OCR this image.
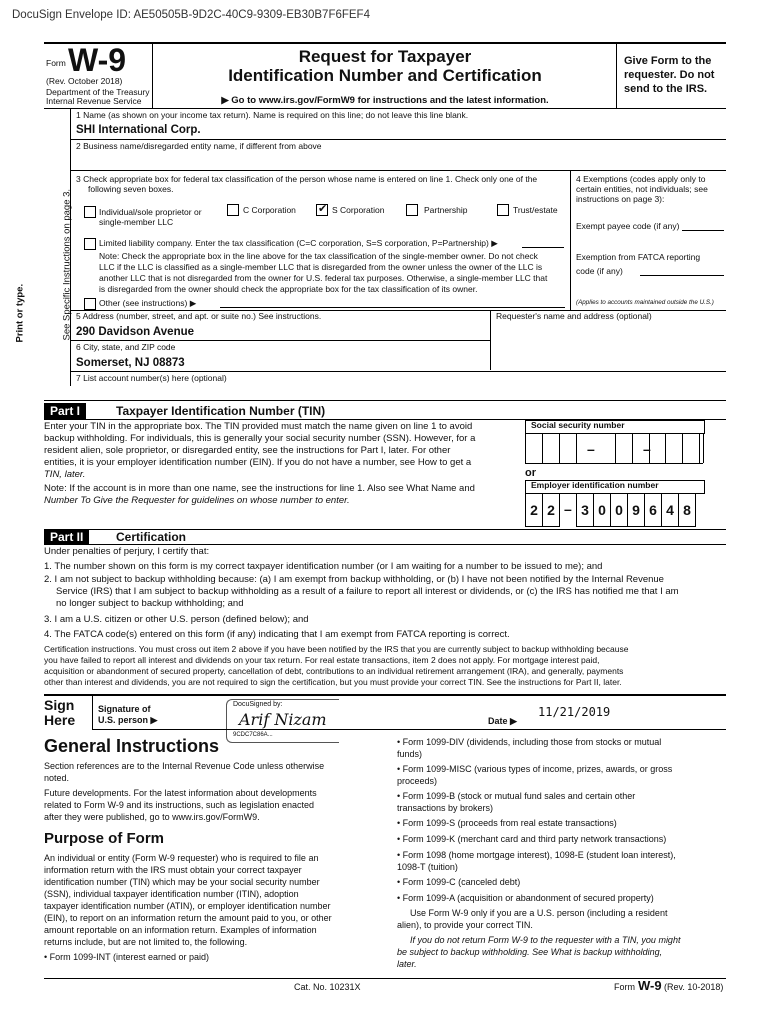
DocuSign Envelope ID: AE50505B-9D2C-40C9-9309-EB30B7F6FEF4
Form W-9
(Rev. October 2018)
Department of the Treasury
Internal Revenue Service
Request for Taxpayer
Identification Number and Certification
▶ Go to www.irs.gov/FormW9 for instructions and the latest information.
Give Form to the
requester. Do not
send to the IRS.
Print or type.	See Specific Instructions on page 3.
1 Name (as shown on your income tax return). Name is required on this line; do not leave this line blank.
SHI International Corp.
2 Business name/disregarded entity name, if different from above
3 Check appropriate box for federal tax classification of the person whose name is entered on line 1. Check only one of the
following seven boxes.
Individual/sole proprietor or
single-member LLC
C Corporation
✔	S Corporation	Partnership	Trust/estate
Limited liability company. Enter the tax classification (C=C corporation, S=S corporation, P=Partnership) ▶
Note: Check the appropriate box in the line above for the tax classification of the single-member owner. Do not check
LLC if the LLC is classified as a single-member LLC that is disregarded from the owner unless the owner of the LLC is
another LLC that is not disregarded from the owner for U.S. federal tax purposes. Otherwise, a single-member LLC that
is disregarded from the owner should check the appropriate box for the tax classification of its owner.
Other (see instructions) ▶
4 Exemptions (codes apply only to
certain entities, not individuals; see
instructions on page 3):
Exempt payee code (if any)
Exemption from FATCA reporting
code (if any)
(Applies to accounts maintained outside the U.S.)
5 Address (number, street, and apt. or suite no.) See instructions.	Requester's name and address (optional)
290 Davidson Avenue
6 City, state, and ZIP code
Somerset, NJ 08873
7 List account number(s) here (optional)
Part I	Taxpayer Identification Number (TIN)
Enter your TIN in the appropriate box. The TIN provided must match the name given on line 1 to avoid
backup withholding. For individuals, this is generally your social security number (SSN). However, for a
resident alien, sole proprietor, or disregarded entity, see the instructions for Part I, later. For other
entities, it is your employer identification number (EIN). If you do not have a number, see How to get a
TIN, later.
Note: If the account is in more than one name, see the instructions for line 1. Also see What Name and
Number To Give the Requester for guidelines on whose number to enter.
Social security number
–	–
or
Employer identification number
2 2 – 3 0 0 9 6 4 8
Part II	Certification
Under penalties of perjury, I certify that:
1. The number shown on this form is my correct taxpayer identification number (or I am waiting for a number to be issued to me); and
2. I am not subject to backup withholding because: (a) I am exempt from backup withholding, or (b) I have not been notified by the Internal Revenue
Service (IRS) that I am subject to backup withholding as a result of a failure to report all interest or dividends, or (c) the IRS has notified me that I am
no longer subject to backup withholding; and
3. I am a U.S. citizen or other U.S. person (defined below); and
4. The FATCA code(s) entered on this form (if any) indicating that I am exempt from FATCA reporting is correct.
Certification instructions. You must cross out item 2 above if you have been notified by the IRS that you are currently subject to backup withholding because
you have failed to report all interest and dividends on your tax return. For real estate transactions, item 2 does not apply. For mortgage interest paid,
acquisition or abandonment of secured property, cancellation of debt, contributions to an individual retirement arrangement (IRA), and generally, payments
other than interest and dividends, you are not required to sign the certification, but you must provide your correct TIN. See the instructions for Part II, later.
Sign
Here
Signature of
U.S. person ▶
DocuSigned by:
Arif Nizam
9CDC7C86A...
Date ▶
11/21/2019
General Instructions
Section references are to the Internal Revenue Code unless otherwise
noted.
Future developments. For the latest information about developments
related to Form W-9 and its instructions, such as legislation enacted
after they were published, go to www.irs.gov/FormW9.
Purpose of Form
An individual or entity (Form W-9 requester) who is required to file an
information return with the IRS must obtain your correct taxpayer
identification number (TIN) which may be your social security number
(SSN), individual taxpayer identification number (ITIN), adoption
taxpayer identification number (ATIN), or employer identification number
(EIN), to report on an information return the amount paid to you, or other
amount reportable on an information return. Examples of information
returns include, but are not limited to, the following.
• Form 1099-INT (interest earned or paid)
• Form 1099-DIV (dividends, including those from stocks or mutual
funds)
• Form 1099-MISC (various types of income, prizes, awards, or gross
proceeds)
• Form 1099-B (stock or mutual fund sales and certain other
transactions by brokers)
• Form 1099-S (proceeds from real estate transactions)
• Form 1099-K (merchant card and third party network transactions)
• Form 1098 (home mortgage interest), 1098-E (student loan interest),
1098-T (tuition)
• Form 1099-C (canceled debt)
• Form 1099-A (acquisition or abandonment of secured property)
Use Form W-9 only if you are a U.S. person (including a resident
alien), to provide your correct TIN.
If you do not return Form W-9 to the requester with a TIN, you might
be subject to backup withholding. See What is backup withholding,
later.
Cat. No. 10231X	Form W-9 (Rev. 10-2018)
